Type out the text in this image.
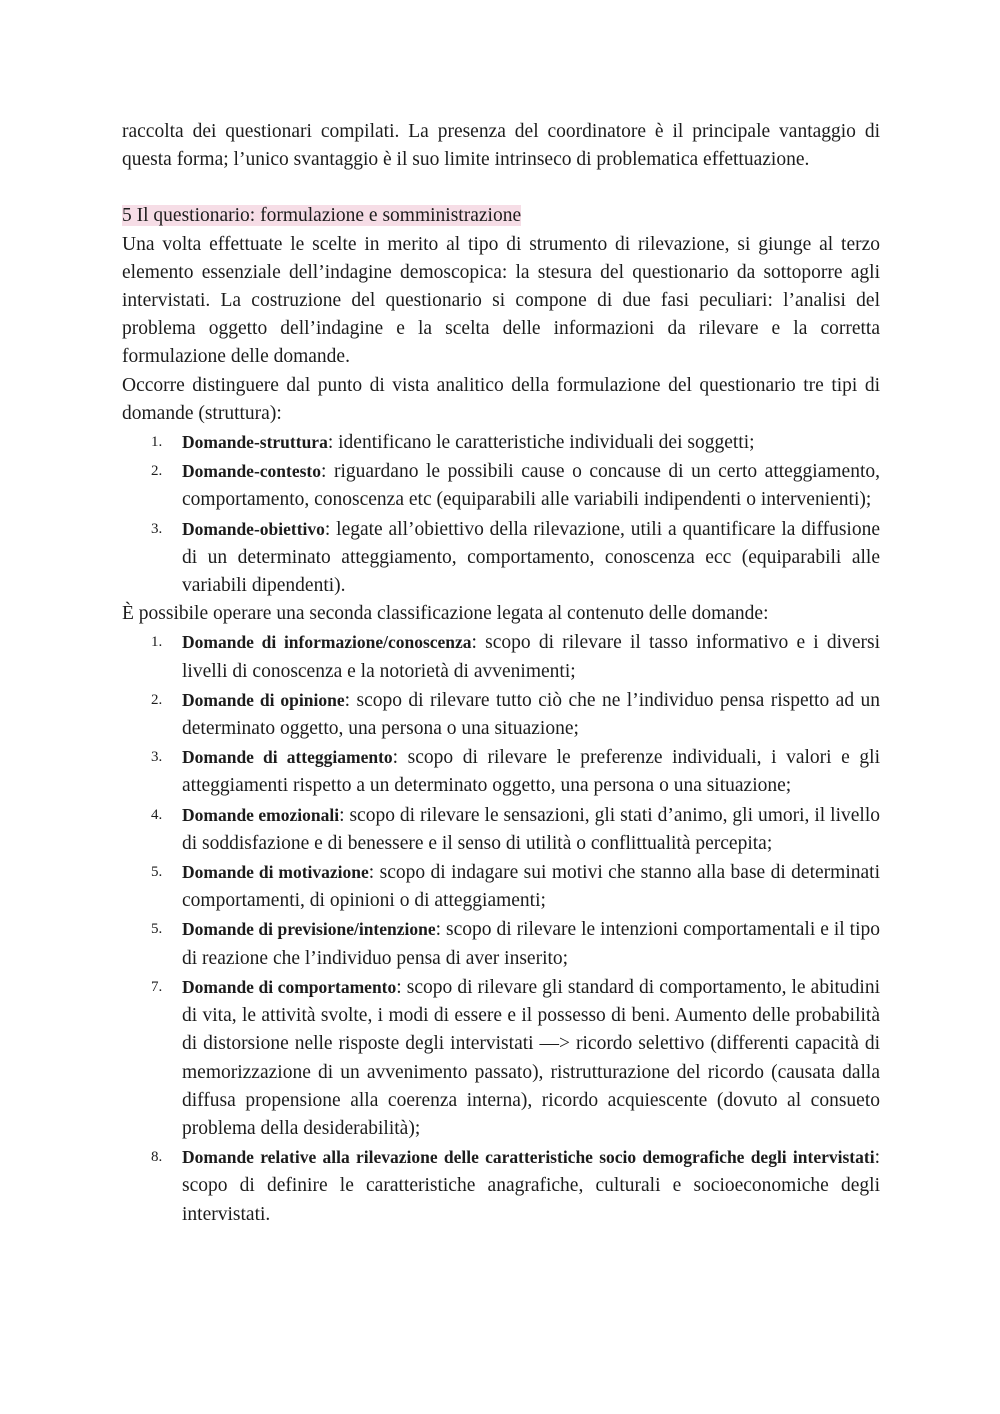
raccolta dei questionari compilati. La presenza del coordinatore è il principale vantaggio di questa forma; l’unico svantaggio è il suo limite intrinseco di problematica effettuazione.

5 Il questionario: formulazione e somministrazione

Una volta effettuate le scelte in merito al tipo di strumento di rilevazione, si giunge al terzo elemento essenziale dell’indagine demoscopica: la stesura del questionario da sottoporre agli intervistati. La costruzione del questionario si compone di due fasi peculiari: l’analisi del problema oggetto dell’indagine e la scelta delle informazioni da rilevare e la corretta formulazione delle domande.

Occorre distinguere dal punto di vista analitico della formulazione del questionario tre tipi di domande (struttura):

1. Domande-struttura: identificano le caratteristiche individuali dei soggetti;
2. Domande-contesto: riguardano le possibili cause o concause di un certo atteggiamento, comportamento, conoscenza etc (equiparabili alle variabili indipendenti o intervenienti);
3. Domande-obiettivo: legate all’obiettivo della rilevazione, utili a quantificare la diffusione di un determinato atteggiamento, comportamento, conoscenza ecc (equiparabili alle variabili dipendenti).

È possibile operare una seconda classificazione legata al contenuto delle domande:

1. Domande di informazione/conoscenza: scopo di rilevare il tasso informativo e i diversi livelli di conoscenza e la notorietà di avvenimenti;
2. Domande di opinione: scopo di rilevare tutto ciò che ne l’individuo pensa rispetto ad un determinato oggetto, una persona o una situazione;
3. Domande di atteggiamento: scopo di rilevare le preferenze individuali, i valori e gli atteggiamenti rispetto a un determinato oggetto, una persona o una situazione;
4. Domande emozionali: scopo di rilevare le sensazioni, gli stati d’animo, gli umori, il livello di soddisfazione e di benessere e il senso di utilità o conflittualità percepita;
5. Domande di motivazione: scopo di indagare sui motivi che stanno alla base di determinati comportamenti, di opinioni o di atteggiamenti;
5. Domande di previsione/intenzione: scopo di rilevare le intenzioni comportamentali e il tipo di reazione che l’individuo pensa di aver inserito;
7. Domande di comportamento: scopo di rilevare gli standard di comportamento, le abitudini di vita, le attività svolte, i modi di essere e il possesso di beni. Aumento delle probabilità di distorsione nelle risposte degli intervistati —> ricordo selettivo (differenti capacità di memorizzazione di un avvenimento passato), ristrutturazione del ricordo (causata dalla diffusa propensione alla coerenza interna), ricordo acquiescente (dovuto al consueto problema della desiderabilità);
8. Domande relative alla rilevazione delle caratteristiche socio demografiche degli intervistati: scopo di definire le caratteristiche anagrafiche, culturali e socioeconomiche degli intervistati.
